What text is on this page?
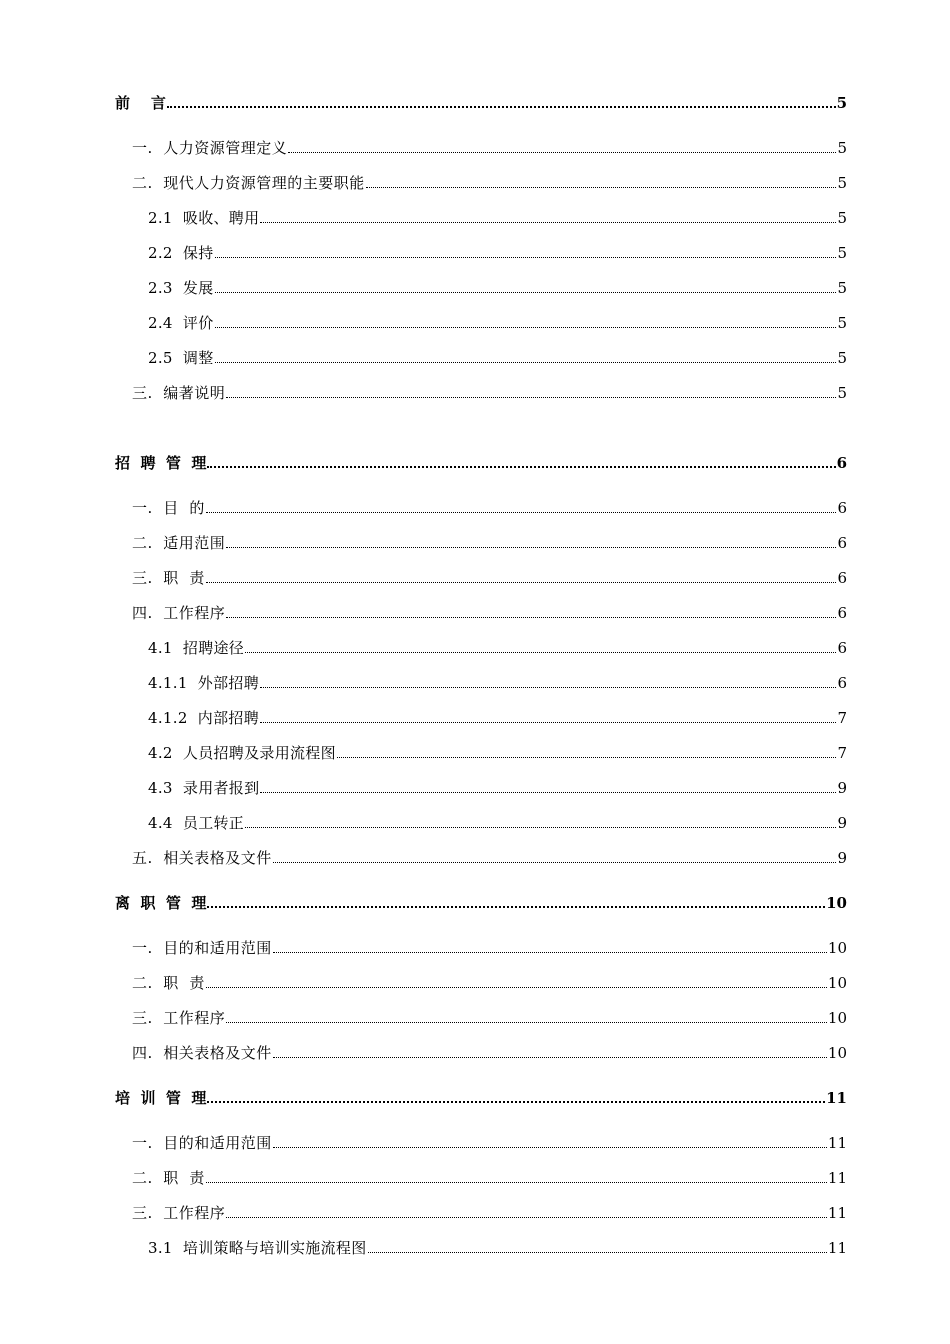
前    言	5
一.  人力资源管理定义	5
二.  现代人力资源管理的主要职能	5
2.1  吸收、聘用	5
2.2  保持	5
2.3  发展	5
2.4  评价	5
2.5  调整	5
三.  编著说明	5
招  聘  管  理	6
一.  目  的	6
二.  适用范围	6
三.  职  责	6
四.  工作程序	6
4.1  招聘途径	6
4.1.1  外部招聘	6
4.1.2  内部招聘	7
4.2  人员招聘及录用流程图	7
4.3  录用者报到	9
4.4  员工转正	9
五.  相关表格及文件	9
离  职  管  理	10
一.  目的和适用范围	10
二.  职  责	10
三.  工作程序	10
四.  相关表格及文件	10
培  训  管  理	11
一.  目的和适用范围	11
二.  职  责	11
三.  工作程序	11
3.1  培训策略与培训实施流程图	11
